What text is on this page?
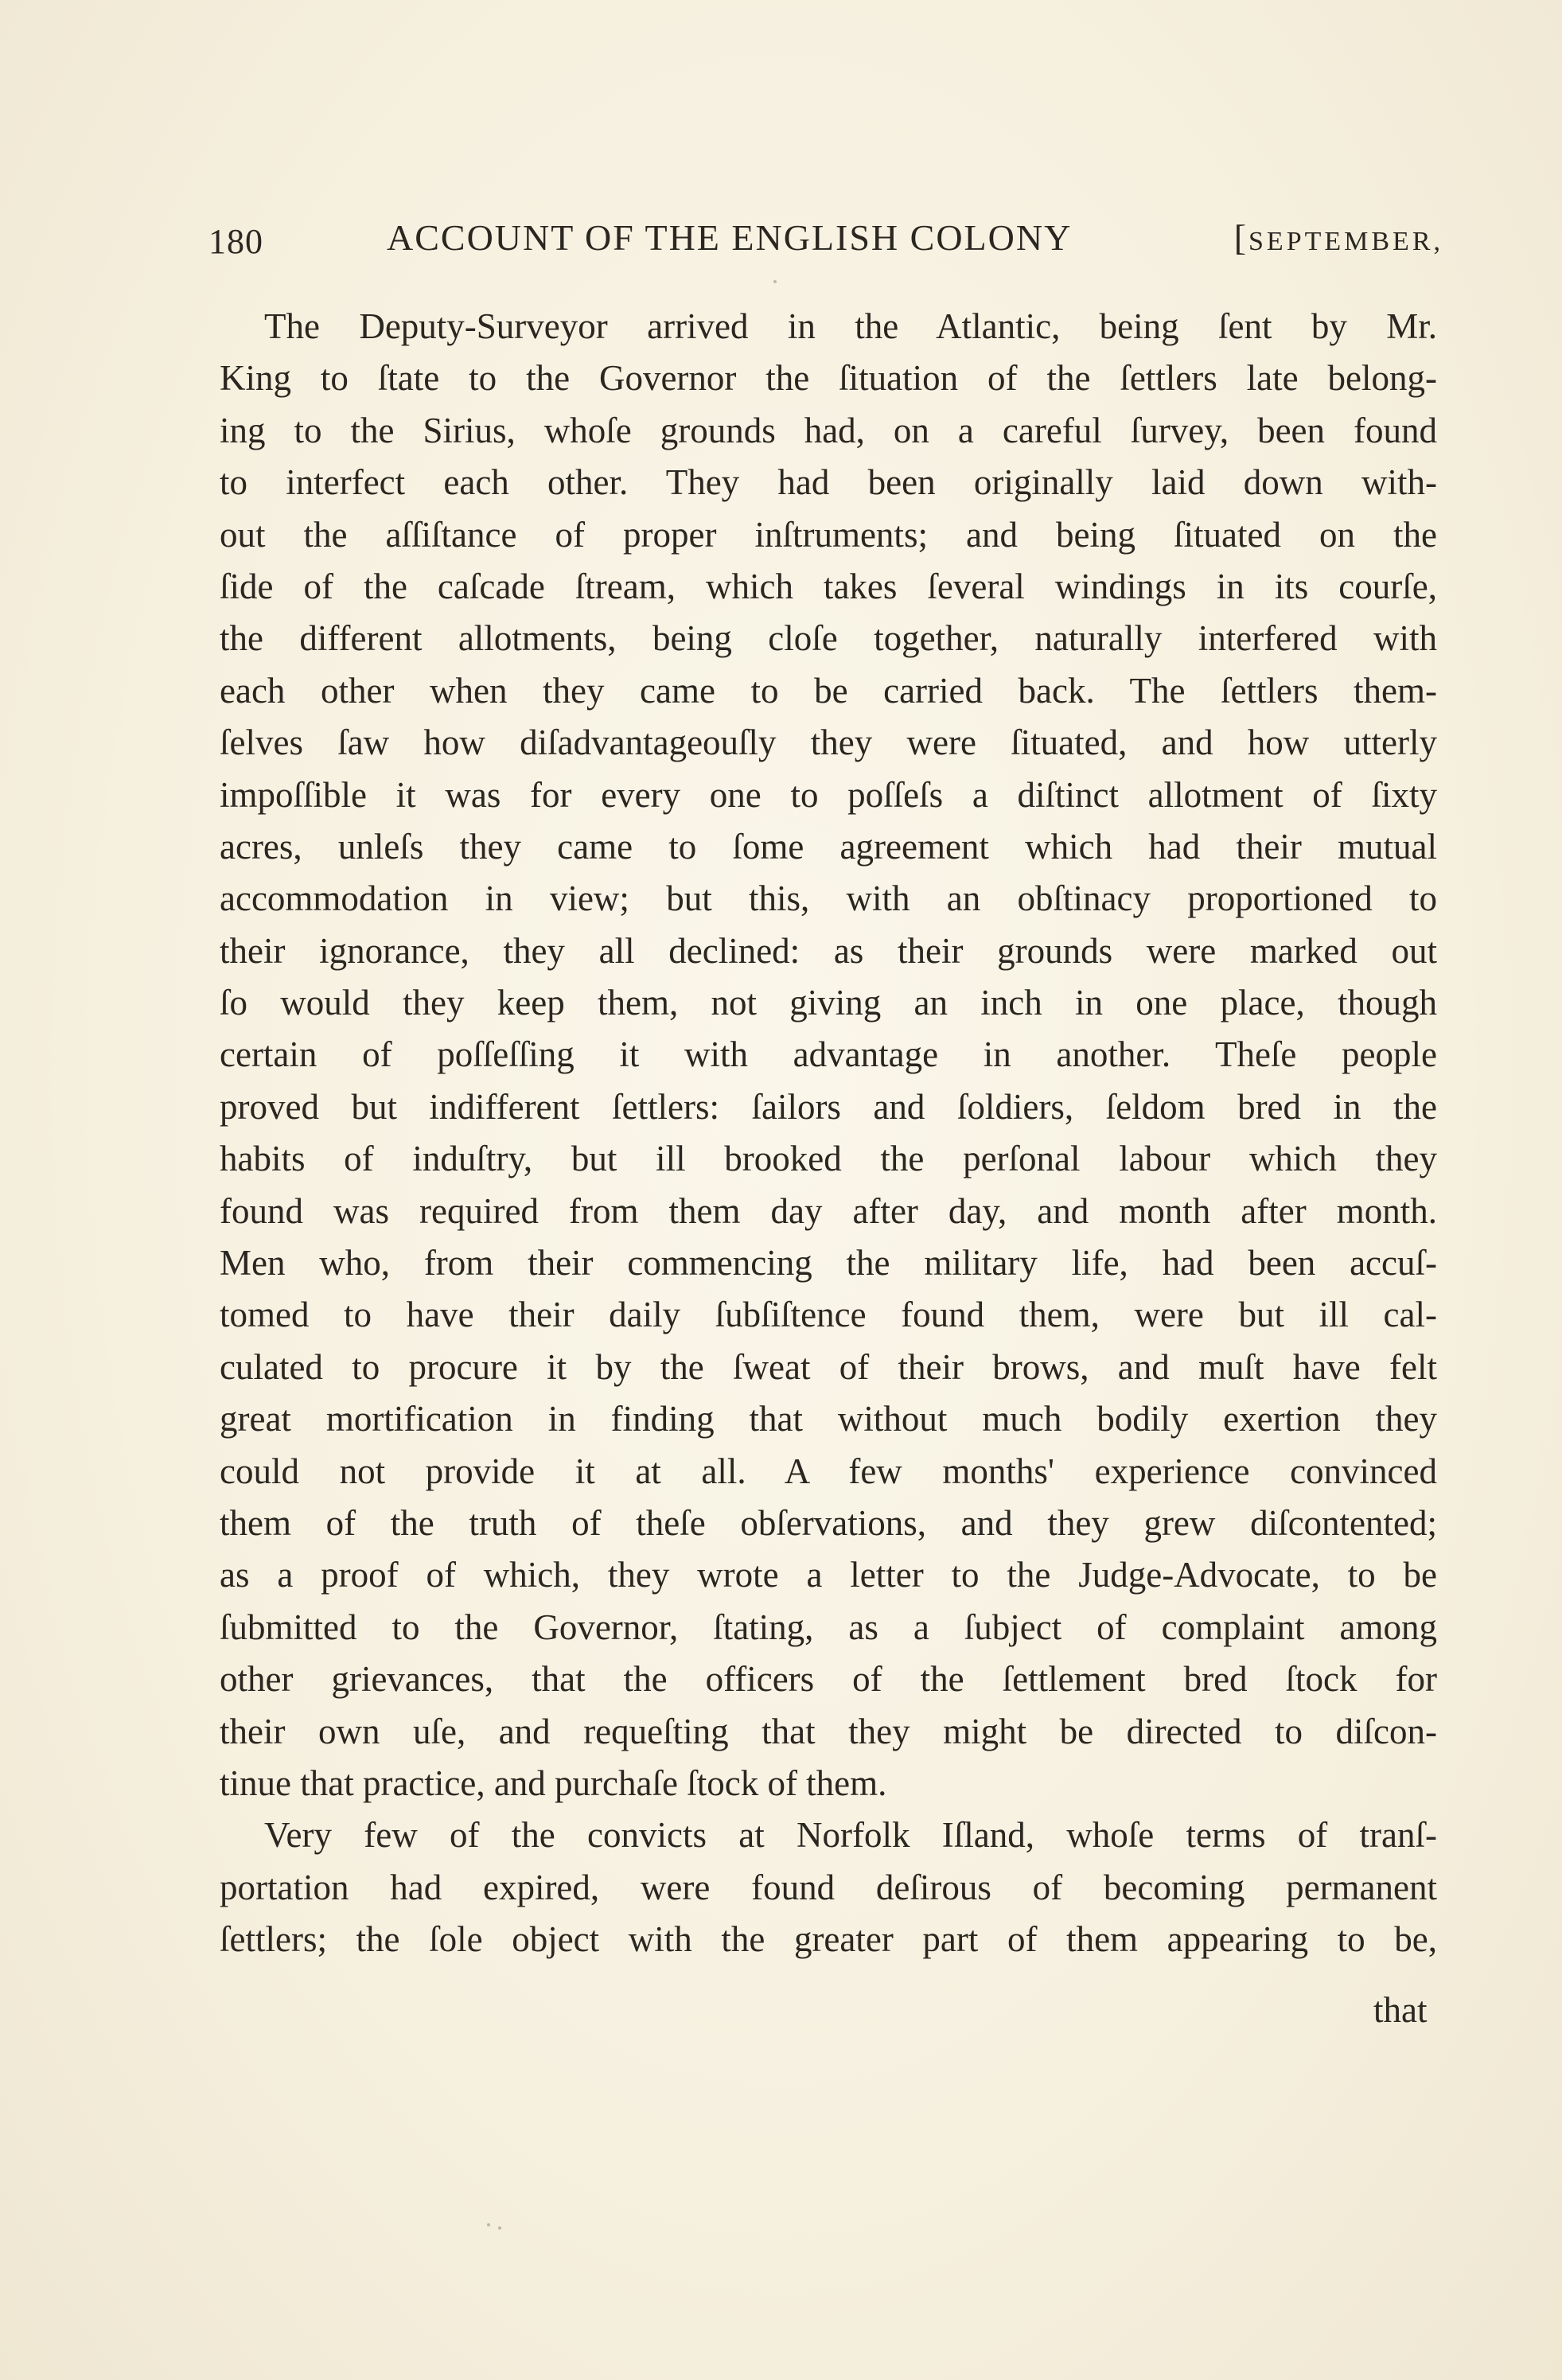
180	ACCOUNT OF THE ENGLISH COLONY	[SEPTEMBER,
The Deputy-Surveyor arrived in the Atlantic, being ſent by Mr.
King to ſtate to the Governor the ſituation of the ſettlers late belong-
ing to the Sirius, whoſe grounds had, on a careful ſurvey, been found
to interfect each other. They had been originally laid down with-
out the aſſiſtance of proper inſtruments; and being ſituated on the
ſide of the caſcade ſtream, which takes ſeveral windings in its courſe,
the different allotments, being cloſe together, naturally interfered with
each other when they came to be carried back. The ſettlers them-
ſelves ſaw how diſadvantageouſly they were ſituated, and how utterly
impoſſible it was for every one to poſſeſs a diſtinct allotment of ſixty
acres, unleſs they came to ſome agreement which had their mutual
accommodation in view; but this, with an obſtinacy proportioned to
their ignorance, they all declined: as their grounds were marked out
ſo would they keep them, not giving an inch in one place, though
certain of poſſeſſing it with advantage in another. Theſe people
proved but indifferent ſettlers: ſailors and ſoldiers, ſeldom bred in the
habits of induſtry, but ill brooked the perſonal labour which they
found was required from them day after day, and month after month.
Men who, from their commencing the military life, had been accuſ-
tomed to have their daily ſubſiſtence found them, were but ill cal-
culated to procure it by the ſweat of their brows, and muſt have felt
great mortification in finding that without much bodily exertion they
could not provide it at all. A few months' experience convinced
them of the truth of theſe obſervations, and they grew diſcontented;
as a proof of which, they wrote a letter to the Judge-Advocate, to be
ſubmitted to the Governor, ſtating, as a ſubject of complaint among
other grievances, that the officers of the ſettlement bred ſtock for
their own uſe, and requeſting that they might be directed to diſcon-
tinue that practice, and purchaſe ſtock of them.
Very few of the convicts at Norfolk Iſland, whoſe terms of tranſ-
portation had expired, were found deſirous of becoming permanent
ſettlers; the ſole object with the greater part of them appearing to be,
that
